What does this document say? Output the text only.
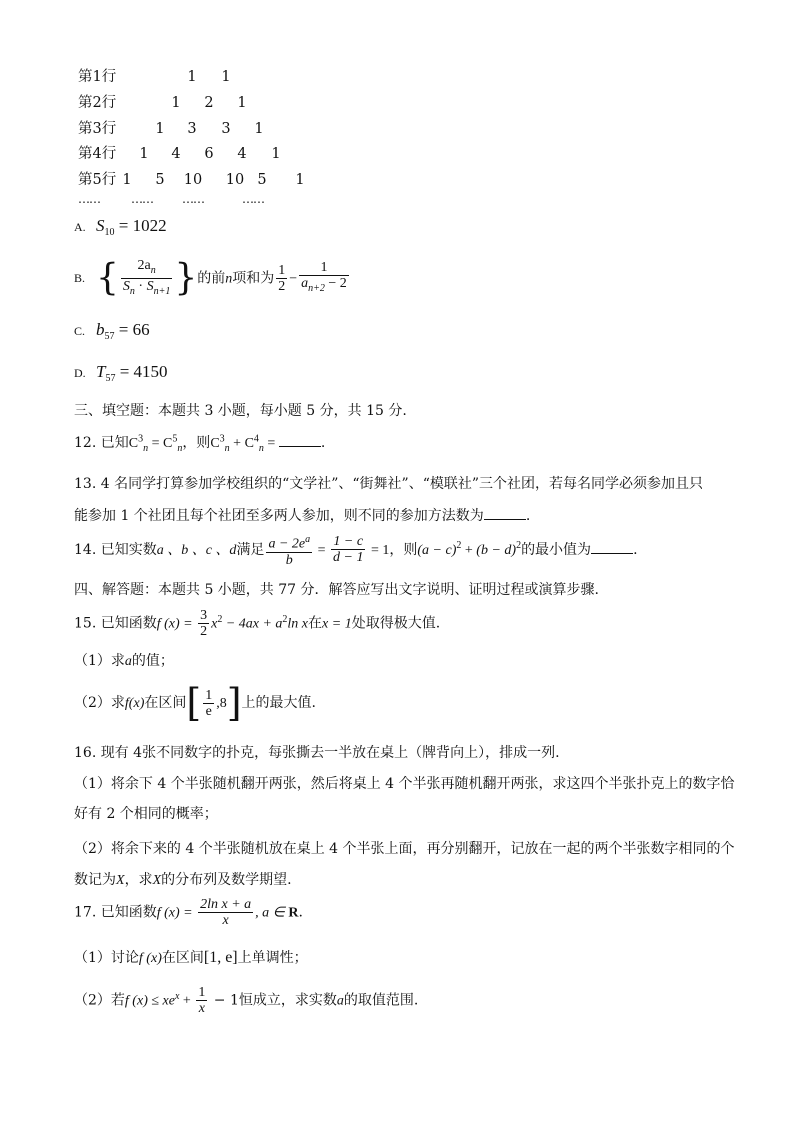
第1行	1 1
第2行	1 2 1
第3行	1 3 3 1
第4行 1 4 6 4 1
第5行 1 5 10 10 5 1
……	…… ……	……
A. $S_{10} = 1022$
B. { $\frac{2a_n}{S_n \cdot S_{n+1}}$ }的前n项和为 $\frac{1}{2} - \frac{1}{a_{n+2} - 2}$
C. $b_{57} = 66$
D. $T_{57} = 4150$
三、填空题：本题共 3 小题，每小题 5 分，共 15 分.
12. 已知$C^3_n = C^5_n$，则$C^3_n + C^4_n$ =	.
13. 4 名同学打算参加学校组织的“文学社”、“街舞社”、“模联社”三个社团，若每名同学必须参加且只
能参加 1 个社团且每个社团至多两人参加，则不同的参加方法数为	.
14. 已知实数a 、b 、c 、d满足 $\frac{a - 2e^a}{b} = \frac{1 - c}{d - 1} = 1$，则$(a - c)^2 + (b - d)^2$的最小值为	.
四、解答题：本题共 5 小题，共 77 分．解答应写出文字说明、证明过程或演算步骤.
15. 已知函数f $(x) = \frac{3}{2} x^2 - 4ax + a^2\ln$ x在x = 1处取得极大值.
（1）求a的值；
（2）求f(x)在区间[ $\frac{1}{e} ,8$]上的最大值.
16. 现有 4张不同数字的扑克，每张撕去一半放在桌上（牌背向上），排成一列.
（1）将余下 4 个半张随机翻开两张，然后将桌上 4 个半张再随机翻开两张，求这四个半张扑克上的数字恰
好有 2 个相同的概率；
（2）将余下来的 4 个半张随机放在桌上 4 个半张上面，再分别翻开，记放在一起的两个半张数字相同的个
数记为X，求X的分布列及数学期望.
17. 已知函数f $(x) = \frac{\text{2ln x + a}}{x}$ , a ∈ R.
（1）讨论f (x)在区间[1, e]上单调性；
（2）若f $(x) \le xe^x + \frac{1}{x} - 1$恒成立，求实数a的取值范围.
